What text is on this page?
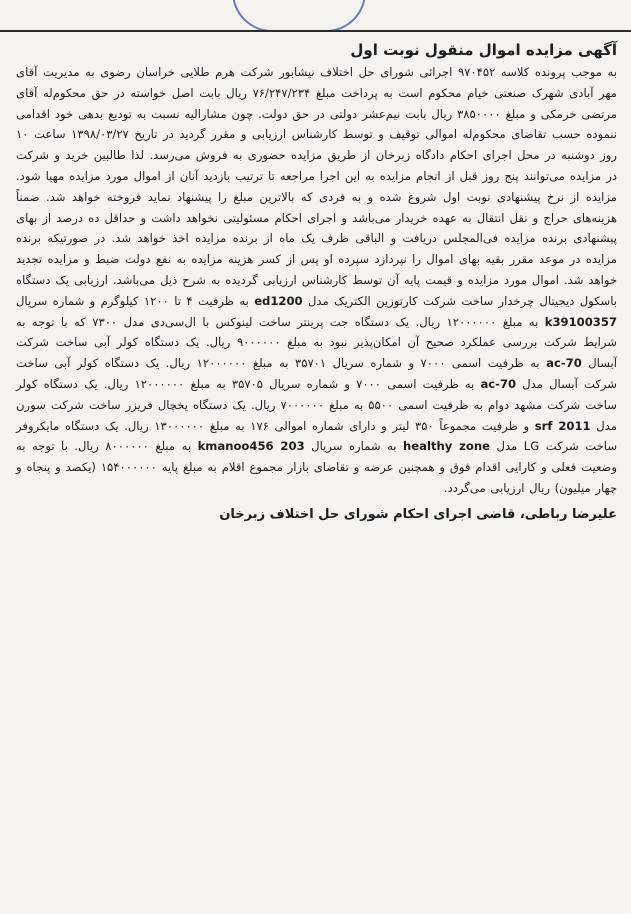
آگهی مزایده اموال منقول نوبت اول

به موجب پرونده کلاسه ۹۷۰۴۵۲ اجرائی شورای حل اختلاف نیشابور شرکت هرم طلایی خراسان رضوی به مدیریت آقای مهر آبادی شهرک صنعتی خیام محکوم است به پرداخت مبلغ ۷۶/۲۴۷/۲۳۴ ریال بابت اصل خواسته در حق محکوم‌له آقای مرتضی خرمکی و مبلغ ۳۸۵۰۰۰۰ ریال بابت نیم‌عشر دولتی در حق دولت. چون مشارالیه نسبت به تودیع بدهی خود اقدامی ننموده حسب تقاضای محکوم‌له اموالی توقیف و توسط کارشناس ارزیابی و مقرر گردید در تاریخ ۱۳۹۸/۰۳/۲۷ ساعت ۱۰ روز دوشنبه در محل اجرای احکام دادگاه زبرخان از طریق مزایده حضوری به فروش می‌رسد. لذا طالبین خرید و شرکت در مزایده می‌توانند پنج روز قبل از انجام مزایده به این اجرا مراجعه تا ترتیب بازدید آنان از اموال مورد مزایده مهیا شود. مزایده از نرخ پیشنهادی نوبت اول شروع شده و به فردی که بالاترین مبلغ را پیشنهاد نماید فروخته خواهد شد. ضمناً هزینه‌های حراج و نقل انتقال به عهده خریدار می‌باشد و اجرای احکام مسئولیتی نخواهد داشت و حداقل ده درصد از بهای پیشنهادی برنده مزایده فی‌المجلس دریافت و الباقی ظرف یک ماه از برنده مزایده اخذ خواهد شد. در صورتیکه برنده مزایده در موعد مقرر بقیه بهای اموال را نپردازد سپرده او پس از کسر هزینه مزایده به نفع دولت ضبط و مزایده تجدید خواهد شد. اموال مورد مزایده و قیمت پایه آن توسط کارشناس ارزیابی گردیده به شرح ذیل می‌باشد. ارزیابی یک دستگاه باسکول دیجیتال چرخدار ساخت شرکت کارتوزین الکتریک مدل ed1200 به ظرفیت ۴ تا ۱۲۰۰ کیلوگرم و شماره سریال k39100357 به مبلغ ۱۲۰۰۰۰۰۰ ریال. یک دستگاه جت پرینتر ساخت لینوکس با ال‌سی‌دی مدل ۷۳۰۰ که با توجه به شرایط شرکت بررسی عملکرد صحیح آن امکان‌پذیر نبود به مبلغ ۹۰۰۰۰۰۰ ریال. یک دستگاه کولر آبی ساخت شرکت آبسال ac-70 به ظرفیت اسمی ۷۰۰۰ و شماره سریال ۳۵۷۰۱ به مبلغ ۱۲۰۰۰۰۰۰ ریال. یک دستگاه کولر آبی ساخت شرکت آبسال مدل ac-70 به ظرفیت اسمی ۷۰۰۰ و شماره سریال ۳۵۷۰۵ به مبلغ ۱۲۰۰۰۰۰۰ ریال. یک دستگاه کولر ساخت شرکت مشهد دوام به ظرفیت اسمی ۵۵۰۰ به مبلغ ۷۰۰۰۰۰۰ ریال. یک دستگاه یخچال فریزر ساخت شرکت سورن مدل srf 2011 و ظرفیت مجموعاً ۳۵۰ لیتر و دارای شماره اموالی ۱۷۶ به مبلغ ۱۳۰۰۰۰۰۰ ریال. یک دستگاه مایکروفر ساخت شرکت LG مدل healthy zone به شماره سریال kmanoo456 203 به مبلغ ۸۰۰۰۰۰۰ ریال. با توجه به وضعیت فعلی و کارایی اقدام فوق و همچنین عرضه و تقاضای بازار مجموع اقلام به مبلغ پایه ۱۵۴۰۰۰۰۰۰ (یکصد و پنجاه و چهار میلیون) ریال ارزیابی می‌گردد.

علیرضا رباطی، قاضی اجرای احکام شورای حل اختلاف زبرخان
